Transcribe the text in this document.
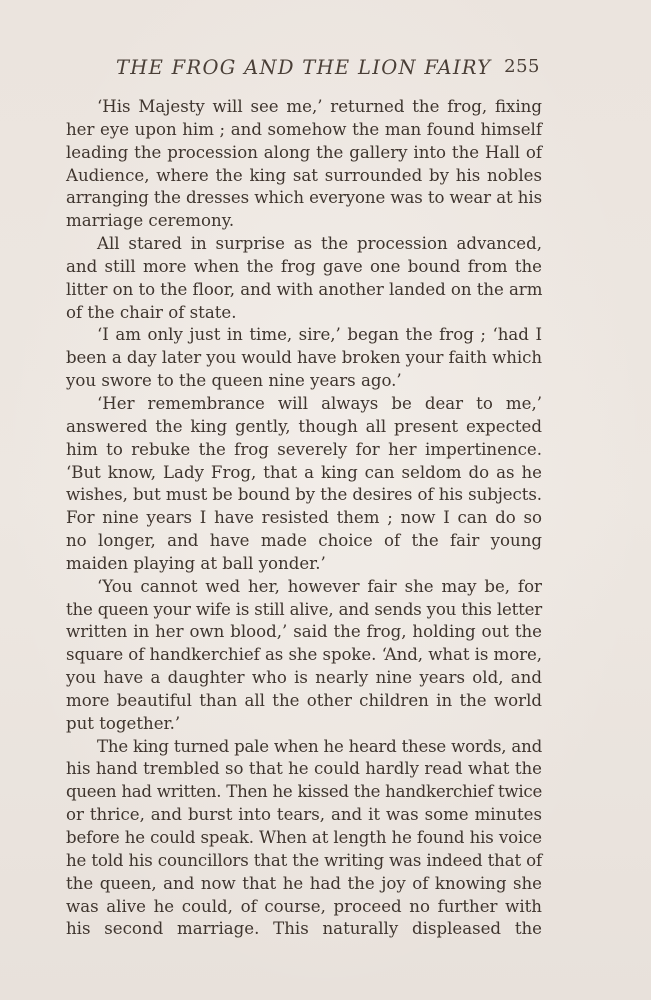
THE FROG AND THE LION FAIRY 255
‘His Majesty will see me,’ returned the frog, fixing
her eye upon him ; and somehow the man found himself
leading the procession along the gallery into the Hall of
Audience, where the king sat surrounded by his nobles
arranging the dresses which everyone was to wear at his
marriage ceremony.
All stared in surprise as the procession advanced,
and still more when the frog gave one bound from the
litter on to the floor, and with another landed on the arm
of the chair of state.
‘I am only just in time, sire,’ began the frog ; ‘had I
been a day later you would have broken your faith which
you swore to the queen nine years ago.’
‘Her remembrance will always be dear to me,’
answered the king gently, though all present expected
him to rebuke the frog severely for her impertinence.
‘But know, Lady Frog, that a king can seldom do as he
wishes, but must be bound by the desires of his subjects.
For nine years I have resisted them ; now I can do so
no longer, and have made choice of the fair young
maiden playing at ball yonder.’
‘You cannot wed her, however fair she may be, for
the queen your wife is still alive, and sends you this letter
written in her own blood,’ said the frog, holding out the
square of handkerchief as she spoke. ‘And, what is more,
you have a daughter who is nearly nine years old, and
more beautiful than all the other children in the world
put together.’
The king turned pale when he heard these words, and
his hand trembled so that he could hardly read what the
queen had written. Then he kissed the handkerchief twice
or thrice, and burst into tears, and it was some minutes
before he could speak. When at length he found his voice
he told his councillors that the writing was indeed that of
the queen, and now that he had the joy of knowing she
was alive he could, of course, proceed no further with
his second marriage. This naturally displeased the
